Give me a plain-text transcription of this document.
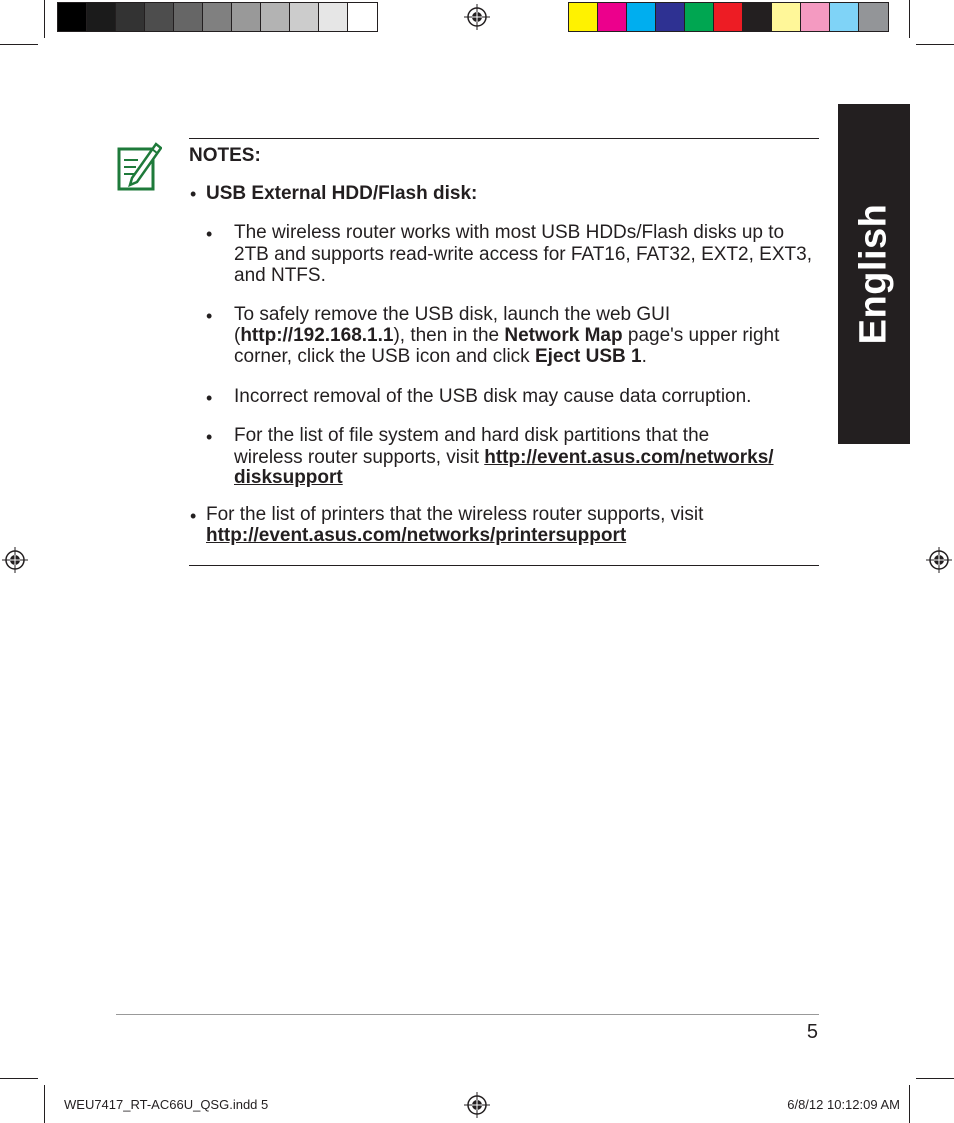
English
NOTES:
• USB External HDD/Flash disk:
• The wireless router works with most USB HDDs/Flash disks up to
2TB and supports read-write access for FAT16, FAT32, EXT2, EXT3,
and NTFS.
• To safely remove the USB disk, launch the web GUI
(http://192.168.1.1), then in the Network Map page's upper right
corner, click the USB icon and click Eject USB 1.
• Incorrect removal of the USB disk may cause data corruption.
• For the list of file system and hard disk partitions that the
wireless router supports, visit http://event.asus.com/networks/
disksupport
• For the list of printers that the wireless router supports, visit
http://event.asus.com/networks/printersupport
5
WEU7417_RT-AC66U_QSG.indd 5	6/8/12 10:12:09 AM
